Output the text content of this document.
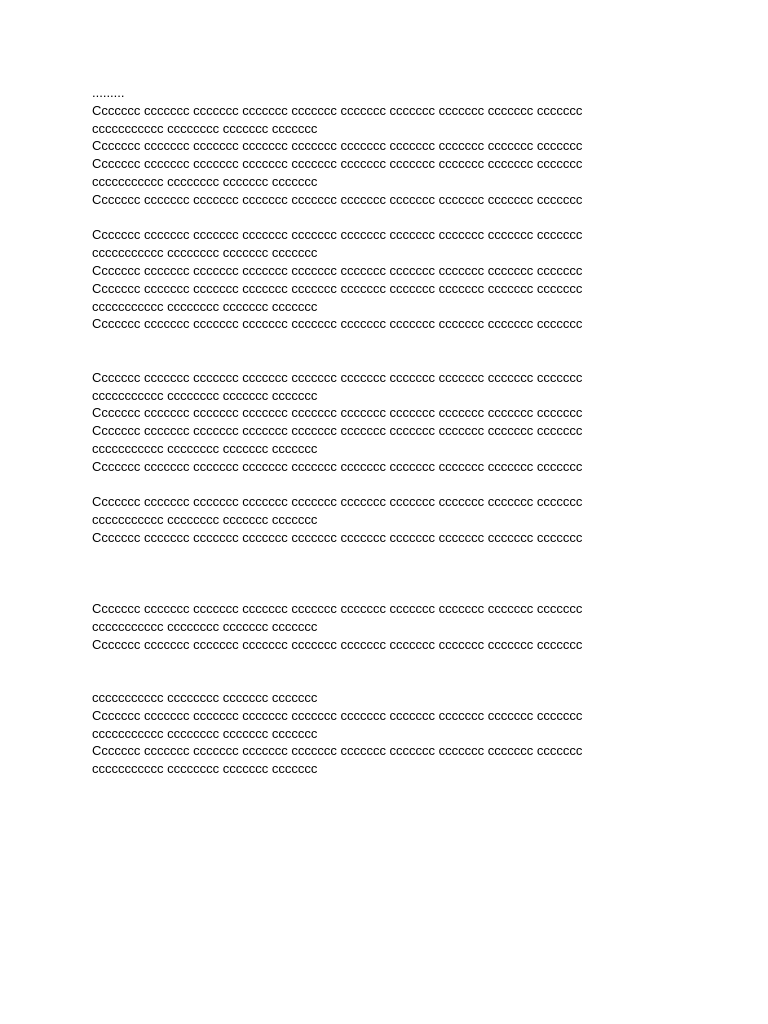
.........
Ccccccc ccccccc ccccccc ccccccc ccccccc ccccccc ccccccc ccccccc ccccccc ccccccc
ccccccccccc cccccccc ccccccc ccccccc
Ccccccc ccccccc ccccccc ccccccc ccccccc ccccccc ccccccc ccccccc ccccccc ccccccc
Ccccccc ccccccc ccccccc ccccccc ccccccc ccccccc ccccccc ccccccc ccccccc ccccccc
ccccccccccc cccccccc ccccccc ccccccc
Ccccccc ccccccc ccccccc ccccccc ccccccc ccccccc ccccccc ccccccc ccccccc ccccccc
Ccccccc ccccccc ccccccc ccccccc ccccccc ccccccc ccccccc ccccccc ccccccc ccccccc
ccccccccccc cccccccc ccccccc ccccccc
Ccccccc ccccccc ccccccc ccccccc ccccccc ccccccc ccccccc ccccccc ccccccc ccccccc
Ccccccc ccccccc ccccccc ccccccc ccccccc ccccccc ccccccc ccccccc ccccccc ccccccc
ccccccccccc cccccccc ccccccc ccccccc
Ccccccc ccccccc ccccccc ccccccc ccccccc ccccccc ccccccc ccccccc ccccccc ccccccc
Ccccccc ccccccc ccccccc ccccccc ccccccc ccccccc ccccccc ccccccc ccccccc ccccccc
ccccccccccc cccccccc ccccccc ccccccc
Ccccccc ccccccc ccccccc ccccccc ccccccc ccccccc ccccccc ccccccc ccccccc ccccccc
Ccccccc ccccccc ccccccc ccccccc ccccccc ccccccc ccccccc ccccccc ccccccc ccccccc
ccccccccccc cccccccc ccccccc ccccccc
Ccccccc ccccccc ccccccc ccccccc ccccccc ccccccc ccccccc ccccccc ccccccc ccccccc
Ccccccc ccccccc ccccccc ccccccc ccccccc ccccccc ccccccc ccccccc ccccccc ccccccc
ccccccccccc cccccccc ccccccc ccccccc
Ccccccc ccccccc ccccccc ccccccc ccccccc ccccccc ccccccc ccccccc ccccccc ccccccc
Ccccccc ccccccc ccccccc ccccccc ccccccc ccccccc ccccccc ccccccc ccccccc ccccccc
ccccccccccc cccccccc ccccccc ccccccc
Ccccccc ccccccc ccccccc ccccccc ccccccc ccccccc ccccccc ccccccc ccccccc ccccccc
ccccccccccc cccccccc ccccccc ccccccc
Ccccccc ccccccc ccccccc ccccccc ccccccc ccccccc ccccccc ccccccc ccccccc ccccccc
ccccccccccc cccccccc ccccccc ccccccc
Ccccccc ccccccc ccccccc ccccccc ccccccc ccccccc ccccccc ccccccc ccccccc ccccccc
ccccccccccc cccccccc ccccccc ccccccc
